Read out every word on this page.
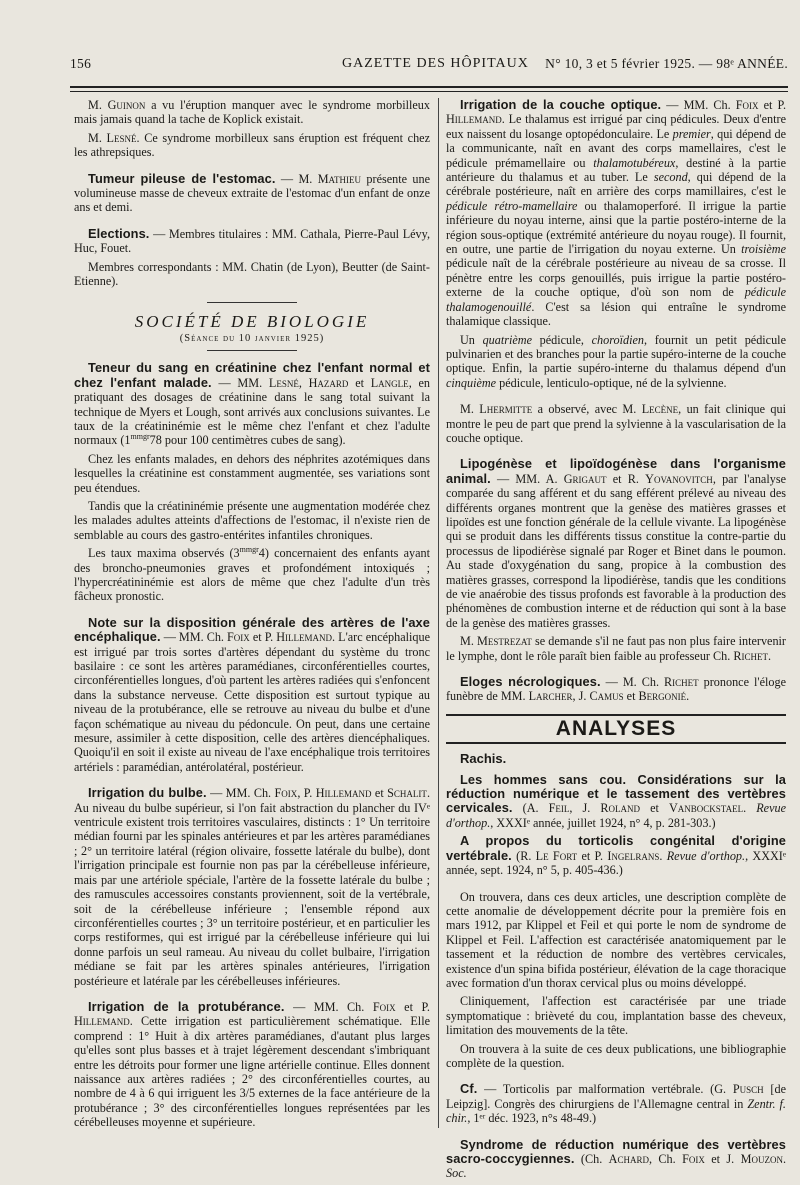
156	GAZETTE DES HÔPITAUX N° 10, 3 et 5 février 1925. — 98ᵉ ANNÉE.

M. Guinon a vu l'éruption manquer avec le syndrome morbilleux mais jamais quand la tache de Koplick existait.

M. Lesné. Ce syndrome morbilleux sans éruption est fréquent chez les athrepsiques.

Tumeur pileuse de l'estomac. — M. Mathieu présente une volumineuse masse de cheveux extraite de l'estomac d'un enfant de onze ans et demi.

Elections. — Membres titulaires : MM. Cathala, Pierre-Paul Lévy, Huc, Fouet.

Membres correspondants : MM. Chatin (de Lyon), Beutter (de Saint-Etienne).

SOCIÉTÉ DE BIOLOGIE
(Séance du 10 janvier 1925)

Teneur du sang en créatinine chez l'enfant normal et chez l'enfant malade. — MM. Lesné, Hazard et Langle, en pratiquant des dosages de créatinine dans le sang total suivant la technique de Myers et Lough, sont arrivés aux conclusions suivantes. Le taux de la créatininémie est le même chez l'enfant et chez l'adulte normaux ($1^{mmgr}78$ pour 100 centimètres cubes de sang).

Chez les enfants malades, en dehors des néphrites azotémiques dans lesquelles la créatinine est constamment augmentée, ses variations sont peu étendues.

Tandis que la créatininémie présente une augmentation modérée chez les malades adultes atteints d'affections de l'estomac, il n'existe rien de semblable au cours des gastro-entérites infantiles chroniques.

Les taux maxima observés $(3^{mmgr}4)$ concernaient des enfants ayant des broncho-pneumonies graves et profondément intoxiqués ; l'hypercréatininémie est alors de même que chez l'adulte d'un très fâcheux pronostic.

Note sur la disposition générale des artères de l'axe encéphalique. — MM. Ch. Foix et P. Hillemand. L'arc encéphalique est irrigué par trois sortes d'artères dépendant du système du tronc basilaire : ce sont les artères paramédianes, circonférentielles courtes, circonférentielles longues, d'où partent les artères radiées qui s'enfoncent dans la substance nerveuse. Cette disposition est surtout typique au niveau de la protubérance, elle se retrouve au niveau du bulbe et d'une façon schématique au niveau du pédoncule. On peut, dans une certaine mesure, assimiler à cette disposition, celle des artères diencéphaliques. Quoiqu'il en soit il existe au niveau de l'axe encéphalique trois territoires artériels : paramédian, antérolatéral, postérieur.

Irrigation du bulbe. — MM. Ch. Foix, P. Hillemand et Schalit. Au niveau du bulbe supérieur, si l'on fait abstraction du plancher du IVᵉ ventricule existent trois territoires vasculaires, distincts : 1° Un territoire médian fourni par les spinales antérieures et par les artères paramédianes ; 2° un territoire latéral (région olivaire, fossette latérale du bulbe), dont l'irrigation principale est fournie non pas par la cérébelleuse inférieure, mais par une artériole spéciale, l'artère de la fossette latérale du bulbe ; des ramuscules accessoires constants proviennent, soit de la vertébrale, soit de la cérébelleuse inférieure ; l'ensemble répond aux circonférentielles courtes ; 3° un territoire postérieur, et en particulier les corps restiformes, qui est irrigué par la cérébelleuse inférieure qui lui donne parfois un seul rameau. Au niveau du collet bulbaire, l'irrigation médiane se fait par les artères spinales antérieures, l'irrigation postérieure et latérale par les cérébelleuses inférieures.

Irrigation de la protubérance. — MM. Ch. Foix et P. Hillemand. Cette irrigation est particulièrement schématique. Elle comprend : 1° Huit à dix artères paramédianes, d'autant plus larges qu'elles sont plus basses et à trajet légèrement descendant s'imbriquant entre les détroits pour former une ligne artérielle continue. Elles donnent naissance aux artères radiées ; 2° des circonférentielles courtes, au nombre de 4 à 6 qui irriguent les 3/5 externes de la face antérieure de la protubérance ; 3° des circonférentielles longues représentées par les cérébelleuses moyenne et supérieure.

Irrigation de la couche optique. — MM. Ch. Foix et P. Hillemand. Le thalamus est irrigué par cinq pédicules. Deux d'entre eux naissent du losange optopédonculaire. Le premier, qui dépend de la communicante, naît en avant des corps mamellaires, c'est le pédicule prémamellaire ou thalamotubéreux, destiné à la partie antérieure du thalamus et au tuber. Le second, qui dépend de la cérébrale postérieure, naît en arrière des corps mamillaires, c'est le pédicule rétro-mamellaire ou thalamoperforé. Il irrigue la partie inférieure du noyau interne, ainsi que la partie postéro-interne de la région sous-optique (extrémité antérieure du noyau rouge). Il fournit, en outre, une partie de l'irrigation du noyau externe. Un troisième pédicule naît de la cérébrale postérieure au niveau de sa crosse. Il pénètre entre les corps genouillés, puis irrigue la partie postéro-externe de la couche optique, d'où son nom de pédicule thalamogenouillé. C'est sa lésion qui entraîne le syndrome thalamique classique.

Un quatrième pédicule, choroïdien, fournit un petit pédicule pulvinarien et des branches pour la partie supéro-interne de la couche optique. Enfin, la partie supéro-interne du thalamus dépend d'un cinquième pédicule, lenticulo-optique, né de la sylvienne.

M. Lhermitte a observé, avec M. Lecène, un fait clinique qui montre le peu de part que prend la sylvienne à la vascularisation de la couche optique.

Lipogénèse et lipoïdogénèse dans l'organisme animal. — MM. A. Grigaut et R. Yovanovitch, par l'analyse comparée du sang afférent et du sang efférent prélevé au niveau des différents organes montrent que la genèse des matières grasses et lipoïdes est une fonction générale de la cellule vivante. La lipogénèse qui se produit dans les différents tissus constitue la contre-partie du processus de lipodiérèse signalé par Roger et Binet dans le poumon. Au stade d'oxygénation du sang, propice à la combustion des matières grasses, correspond la lipodiérèse, tandis que les conditions de vie anaérobie des tissus profonds est favorable à la production des phénomènes de combustion interne et de réduction qui sont à la base de la genèse des matières grasses.

M. Mestrezat se demande s'il ne faut pas non plus faire intervenir le lymphe, dont le rôle paraît bien faible au professeur Ch. Richet.

Eloges nécrologiques. — M. Ch. Richet prononce l'éloge funèbre de MM. Larcher, J. Camus et Bergonié.

ANALYSES
Rachis.

Les hommes sans cou. Considérations sur la réduction numérique et le tassement des vertèbres cervicales. (A. Feil, J. Roland et Vanbockstael. Revue d'orthop., XXXIᵉ année, juillet 1924, n° 4, p. 281-303.)

A propos du torticolis congénital d'origine vertébrale. (R. Le Fort et P. Ingelrans. Revue d'orthop., XXXIᵉ année, sept. 1924, n° 5, p. 405-436.)

On trouvera, dans ces deux articles, une description complète de cette anomalie de développement décrite pour la première fois en mars 1912, par Klippel et Feil et qui porte le nom de syndrome de Klippel et Feil. L'affection est caractérisée anatomiquement par le tassement et la réduction de nombre des vertèbres cervicales, existence d'un spina bifida postérieur, élévation de la cage thoracique avec formation d'un thorax cervical plus ou moins développé.

Cliniquement, l'affection est caractérisée par une triade symptomatique : brièveté du cou, implantation basse des cheveux, limitation des mouvements de la tête.

On trouvera à la suite de ces deux publications, une bibliographie complète de la question.

Cf. — Torticolis par malformation vertébrale. (G. Pusch [de Leipzig]. Congrès des chirurgiens de l'Allemagne central in Zentr. f. chir., 1ᵉʳ déc. 1923, n°s 48-49.)

Syndrome de réduction numérique des vertèbres sacro-coccygiennes. (Ch. Achard, Ch. Foix et J. Mouzon. Soc.
